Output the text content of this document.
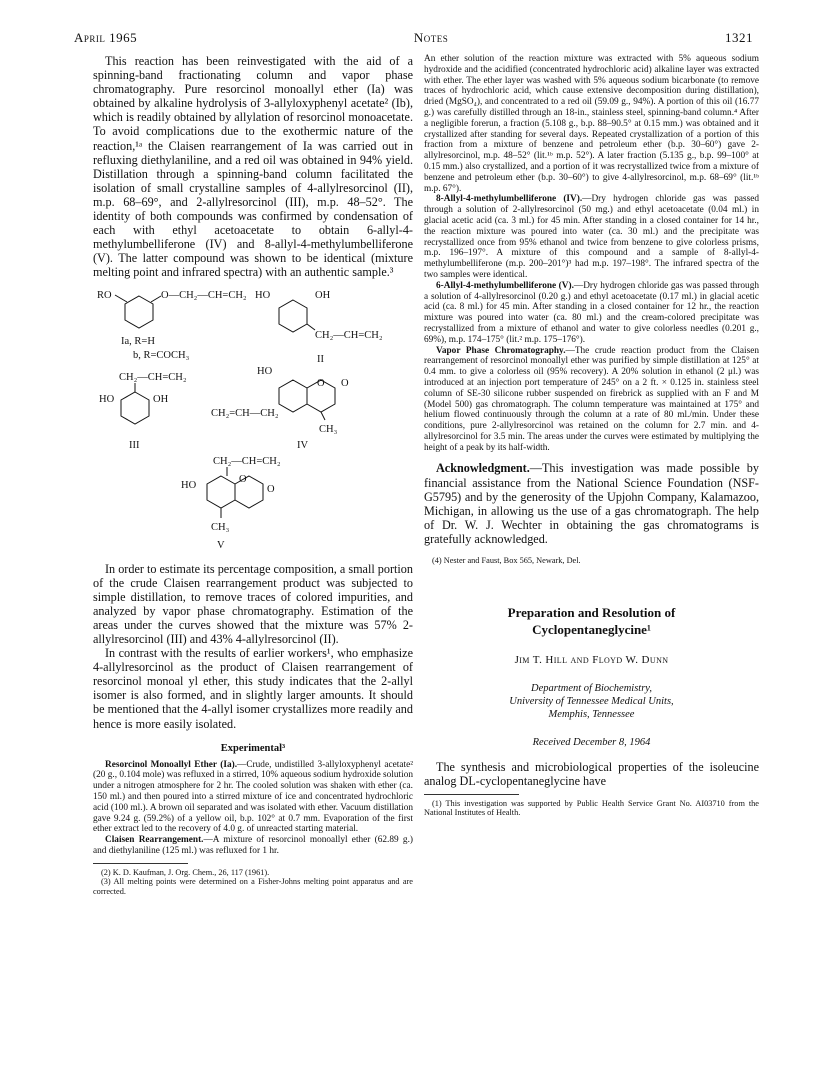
April 1965	Notes	1321

This reaction has been reinvestigated with the aid of a spinning-band fractionating column and vapor phase chromatography. Pure resorcinol monoallyl ether (Ia) was obtained by alkaline hydrolysis of 3-allyloxyphenyl acetate² (Ib), which is readily obtained by allylation of resorcinol monoacetate. To avoid complications due to the exothermic nature of the reaction,¹ᵃ the Claisen rearrangement of Ia was carried out in refluxing diethylaniline, and a red oil was obtained in 94% yield. Distillation through a spinning-band column facilitated the isolation of small crystalline samples of 4-allylresorcinol (II), m.p. 68–69°, and 2-allylresorcinol (III), m.p. 48–52°. The identity of both compounds was confirmed by condensation of each with ethyl acetoacetate to obtain 6-allyl-4-methylumbelliferone (IV) and 8-allyl-4-methylumbelliferone (V). The latter compound was shown to be identical (mixture melting point and infrared spectra) with an authentic sample.³

RO	O—CH₂—CH=CH₂
Ia, R=H
b, R=COCH₃
HO	OH
CH₂—CH=CH₂
II
CH₂—CH=CH₂
HO	OH
III
HO
O O
CH₂=CH—CH₂
CH₃
IV
CH₂—CH=CH₂
HO
O
O
CH₃
V

In order to estimate its percentage composition, a small portion of the crude Claisen rearrangement product was subjected to simple distillation, to remove traces of colored impurities, and analyzed by vapor phase chromatography. Estimation of the areas under the curves showed that the mixture was 57% 2-allylresorcinol (III) and 43% 4-allylresorcinol (II).

In contrast with the results of earlier workers¹, who emphasize 4-allylresorcinol as the product of Claisen rearrangement of resorcinol monoal yl ether, this study indicates that the 2-allyl isomer is also formed, and in slightly larger amounts. It should be mentioned that the 4-allyl isomer crystallizes more readily and hence is more easily isolated.

Experimental³

Resorcinol Monoallyl Ether (Ia).—Crude, undistilled 3-allyloxyphenyl acetate² (20 g., 0.104 mole) was refluxed in a stirred, 10% aqueous sodium hydroxide solution under a nitrogen atmosphere for 2 hr. The cooled solution was shaken with ether (ca. 150 ml.) and then poured into a stirred mixture of ice and concentrated hydrochloric acid (100 ml.). A brown oil separated and was isolated with ether. Vacuum distillation gave 9.24 g. (59.2%) of a yellow oil, b.p. 102° at 0.7 mm. Evaporation of the first ether extract led to the recovery of 4.0 g. of unreacted starting material.

Claisen Rearrangement.—A mixture of resorcinol monoallyl ether (62.89 g.) and diethylaniline (125 ml.) was refluxed for 1 hr.

(2) K. D. Kaufman, J. Org. Chem., 26, 117 (1961).

(3) All melting points were determined on a Fisher-Johns melting point apparatus and are corrected.

An ether solution of the reaction mixture was extracted with 5% aqueous sodium hydroxide and the acidified (concentrated hydrochloric acid) alkaline layer was extracted with ether. The ether layer was washed with 5% aqueous sodium bicarbonate (to remove traces of hydrochloric acid, which cause extensive decomposition during distillation), dried (MgSO₄), and concentrated to a red oil (59.09 g., 94%). A portion of this oil (16.77 g.) was carefully distilled through an 18-in., stainless steel, spinning-band column.⁴ After a negligible forerun, a fraction (5.108 g., b.p. 88–90.5° at 0.15 mm.) was obtained and it crystallized after standing for several days. Repeated crystallization of a portion of this fraction from a mixture of benzene and petroleum ether (b.p. 30–60°) gave 2-allylresorcinol, m.p. 48–52° (lit.¹ᵇ m.p. 52°). A later fraction (5.135 g., b.p. 99–100° at 0.15 mm.) also crystallized, and a portion of it was recrystallized twice from a mixture of benzene and petroleum ether (b.p. 30–60°) to give 4-allylresorcinol, m.p. 68–69° (lit.¹ᵇ m.p. 67°).

8-Allyl-4-methylumbelliferone (IV).—Dry hydrogen chloride gas was passed through a solution of 2-allylresorcinol (50 mg.) and ethyl acetoacetate (0.04 ml.) in glacial acetic acid (ca. 3 ml.) for 45 min. After standing in a closed container for 14 hr., the reaction mixture was poured into water (ca. 30 ml.) and the precipitate was recrystallized once from 95% ethanol and twice from benzene to give colorless prisms, m.p. 196–197°. A mixture of this compound and a sample of 8-allyl-4-methylumbelliferone (m.p. 200–201°)³ had m.p. 197–198°. The infrared spectra of the two samples were identical.

6-Allyl-4-methylumbelliferone (V).—Dry hydrogen chloride gas was passed through a solution of 4-allylresorcinol (0.20 g.) and ethyl acetoacetate (0.17 ml.) in glacial acetic acid (ca. 8 ml.) for 45 min. After standing in a closed container for 12 hr., the reaction mixture was poured into water (ca. 80 ml.) and the cream-colored precipitate was recrystallized from a mixture of ethanol and water to give colorless needles (0.201 g., 69%), m.p. 174–175° (lit.² m.p. 175–176°).

Vapor Phase Chromatography.—The crude reaction product from the Claisen rearrangement of resorcinol monoallyl ether was purified by simple distillation at 125° at 0.4 mm. to give a colorless oil (95% recovery). A 20% solution in ethanol (2 μl.) was introduced at an injection port temperature of 245° on a 2 ft. × 0.125 in. stainless steel column of SE-30 silicone rubber suspended on firebrick as supplied with an F and M (Model 500) gas chromatograph. The column temperature was maintained at 175° and helium flowed continuously through the column at a rate of 80 ml./min. Under these conditions, pure 2-allylresorcinol was retained on the column for 2.7 min. and 4-allylresorcinol for 3.5 min. The areas under the curves were estimated by multiplying the height of a peak by its half-width.

Acknowledgment.—This investigation was made possible by financial assistance from the National Science Foundation (NSF-G5795) and by the generosity of the Upjohn Company, Kalamazoo, Michigan, in allowing us the use of a gas chromatograph. The help of Dr. W. J. Wechter in obtaining the gas chromatograms is gratefully acknowledged.

(4) Nester and Faust, Box 565, Newark, Del.

Preparation and Resolution of
Cyclopentaneglycine¹
Jim T. Hill and Floyd W. Dunn
Department of Biochemistry,
University of Tennessee Medical Units,
Memphis, Tennessee
Received December 8, 1964

The synthesis and microbiological properties of the isoleucine analog DL-cyclopentaneglycine have

(1) This investigation was supported by Public Health Service Grant No. AI03710 from the National Institutes of Health.
